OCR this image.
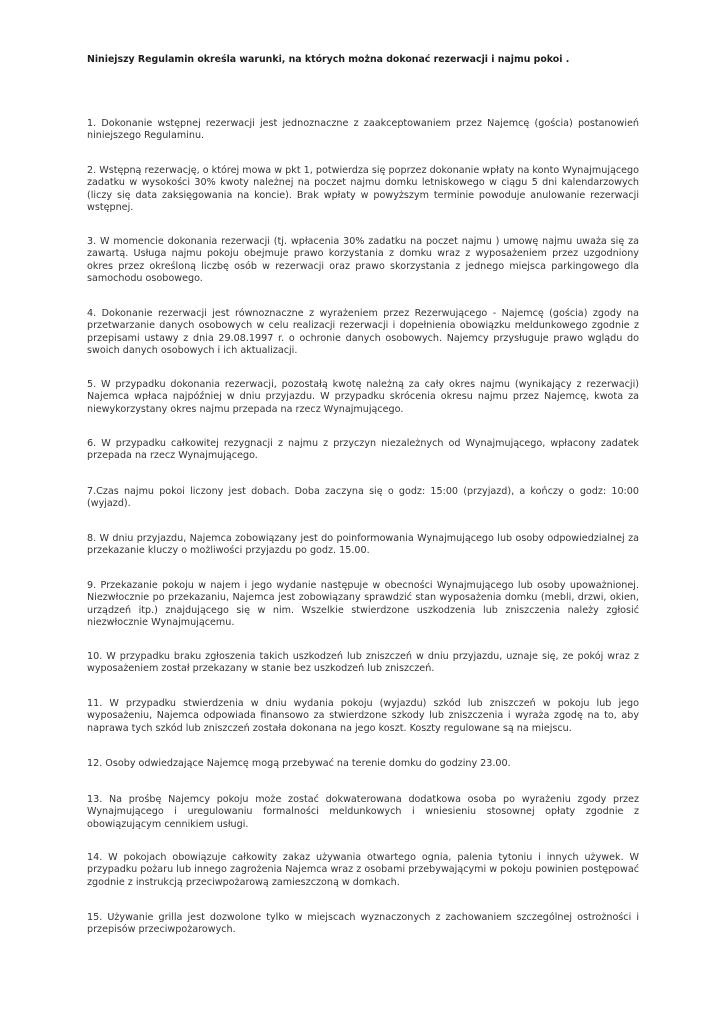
Niniejszy Regulamin określa warunki, na których można dokonać rezerwacji i najmu pokoi .

1. Dokonanie wstępnej rezerwacji jest jednoznaczne z zaakceptowaniem przez Najemcę (gościa) postanowień niniejszego Regulaminu.

2. Wstępną rezerwację, o której mowa w pkt 1, potwierdza się poprzez dokonanie wpłaty na konto Wynajmującego zadatku w wysokości 30% kwoty należnej na poczet najmu domku letniskowego w ciągu 5 dni kalendarzowych (liczy się data zaksięgowania na koncie). Brak wpłaty w powyższym terminie powoduje anulowanie rezerwacji wstępnej.

3. W momencie dokonania rezerwacji (tj. wpłacenia 30% zadatku na poczet najmu ) umowę najmu uważa się za zawartą. Usługa najmu pokoju obejmuje prawo korzystania z domku wraz z wyposażeniem przez uzgodniony okres przez określoną liczbę osób w rezerwacji oraz prawo skorzystania z jednego miejsca parkingowego dla samochodu osobowego.

4. Dokonanie rezerwacji jest równoznaczne z wyrażeniem przez Rezerwującego - Najemcę (gościa) zgody na przetwarzanie danych osobowych w celu realizacji rezerwacji i dopełnienia obowiązku meldunkowego zgodnie z przepisami ustawy z dnia 29.08.1997 r. o ochronie danych osobowych. Najemcy przysługuje prawo wglądu do swoich danych osobowych i ich aktualizacji.

5. W przypadku dokonania rezerwacji, pozostałą kwotę należną za cały okres najmu (wynikający z rezerwacji) Najemca wpłaca najpóźniej w dniu przyjazdu. W przypadku skrócenia okresu najmu przez Najemcę, kwota za niewykorzystany okres najmu przepada na rzecz Wynajmującego.

6. W przypadku całkowitej rezygnacji z najmu z przyczyn niezależnych od Wynajmującego, wpłacony zadatek przepada na rzecz Wynajmującego.

7.Czas najmu pokoi liczony jest dobach. Doba zaczyna się o godz: 15:00 (przyjazd), a kończy o godz: 10:00 (wyjazd).

8. W dniu przyjazdu, Najemca zobowiązany jest do poinformowania Wynajmującego lub osoby odpowiedzialnej za przekazanie kluczy o możliwości przyjazdu po godz. 15.00.

9. Przekazanie pokoju w najem i jego wydanie następuje w obecności Wynajmującego lub osoby upoważnionej. Niezwłocznie po przekazaniu, Najemca jest zobowiązany sprawdzić stan wyposażenia domku (mebli, drzwi, okien, urządzeń itp.) znajdującego się w nim. Wszelkie stwierdzone uszkodzenia lub zniszczenia należy zgłosić niezwłocznie Wynajmującemu.

10. W przypadku braku zgłoszenia takich uszkodzeń lub zniszczeń w dniu przyjazdu, uznaje się, ze pokój wraz z wyposażeniem został przekazany w stanie bez uszkodzeń lub zniszczeń.

11. W przypadku stwierdzenia w dniu wydania pokoju (wyjazdu) szkód lub zniszczeń w pokoju lub jego wyposażeniu, Najemca odpowiada finansowo za stwierdzone szkody lub zniszczenia i wyraża zgodę na to, aby naprawa tych szkód lub zniszczeń została dokonana na jego koszt. Koszty regulowane są na miejscu.

12. Osoby odwiedzające Najemcę mogą przebywać na terenie domku do godziny 23.00.

13. Na prośbę Najemcy pokoju może zostać dokwaterowana dodatkowa osoba po wyrażeniu zgody przez Wynajmującego i uregulowaniu formalności meldunkowych i wniesieniu stosownej opłaty zgodnie z obowiązującym cennikiem usługi.

14. W pokojach obowiązuje całkowity zakaz używania otwartego ognia, palenia tytoniu i innych używek. W przypadku pożaru lub innego zagrożenia Najemca wraz z osobami przebywającymi w pokoju powinien postępować zgodnie z instrukcją przeciwpożarową zamieszczoną w domkach.

15. Używanie grilla jest dozwolone tylko w miejscach wyznaczonych z zachowaniem szczególnej ostrożności i przepisów przeciwpożarowych.
